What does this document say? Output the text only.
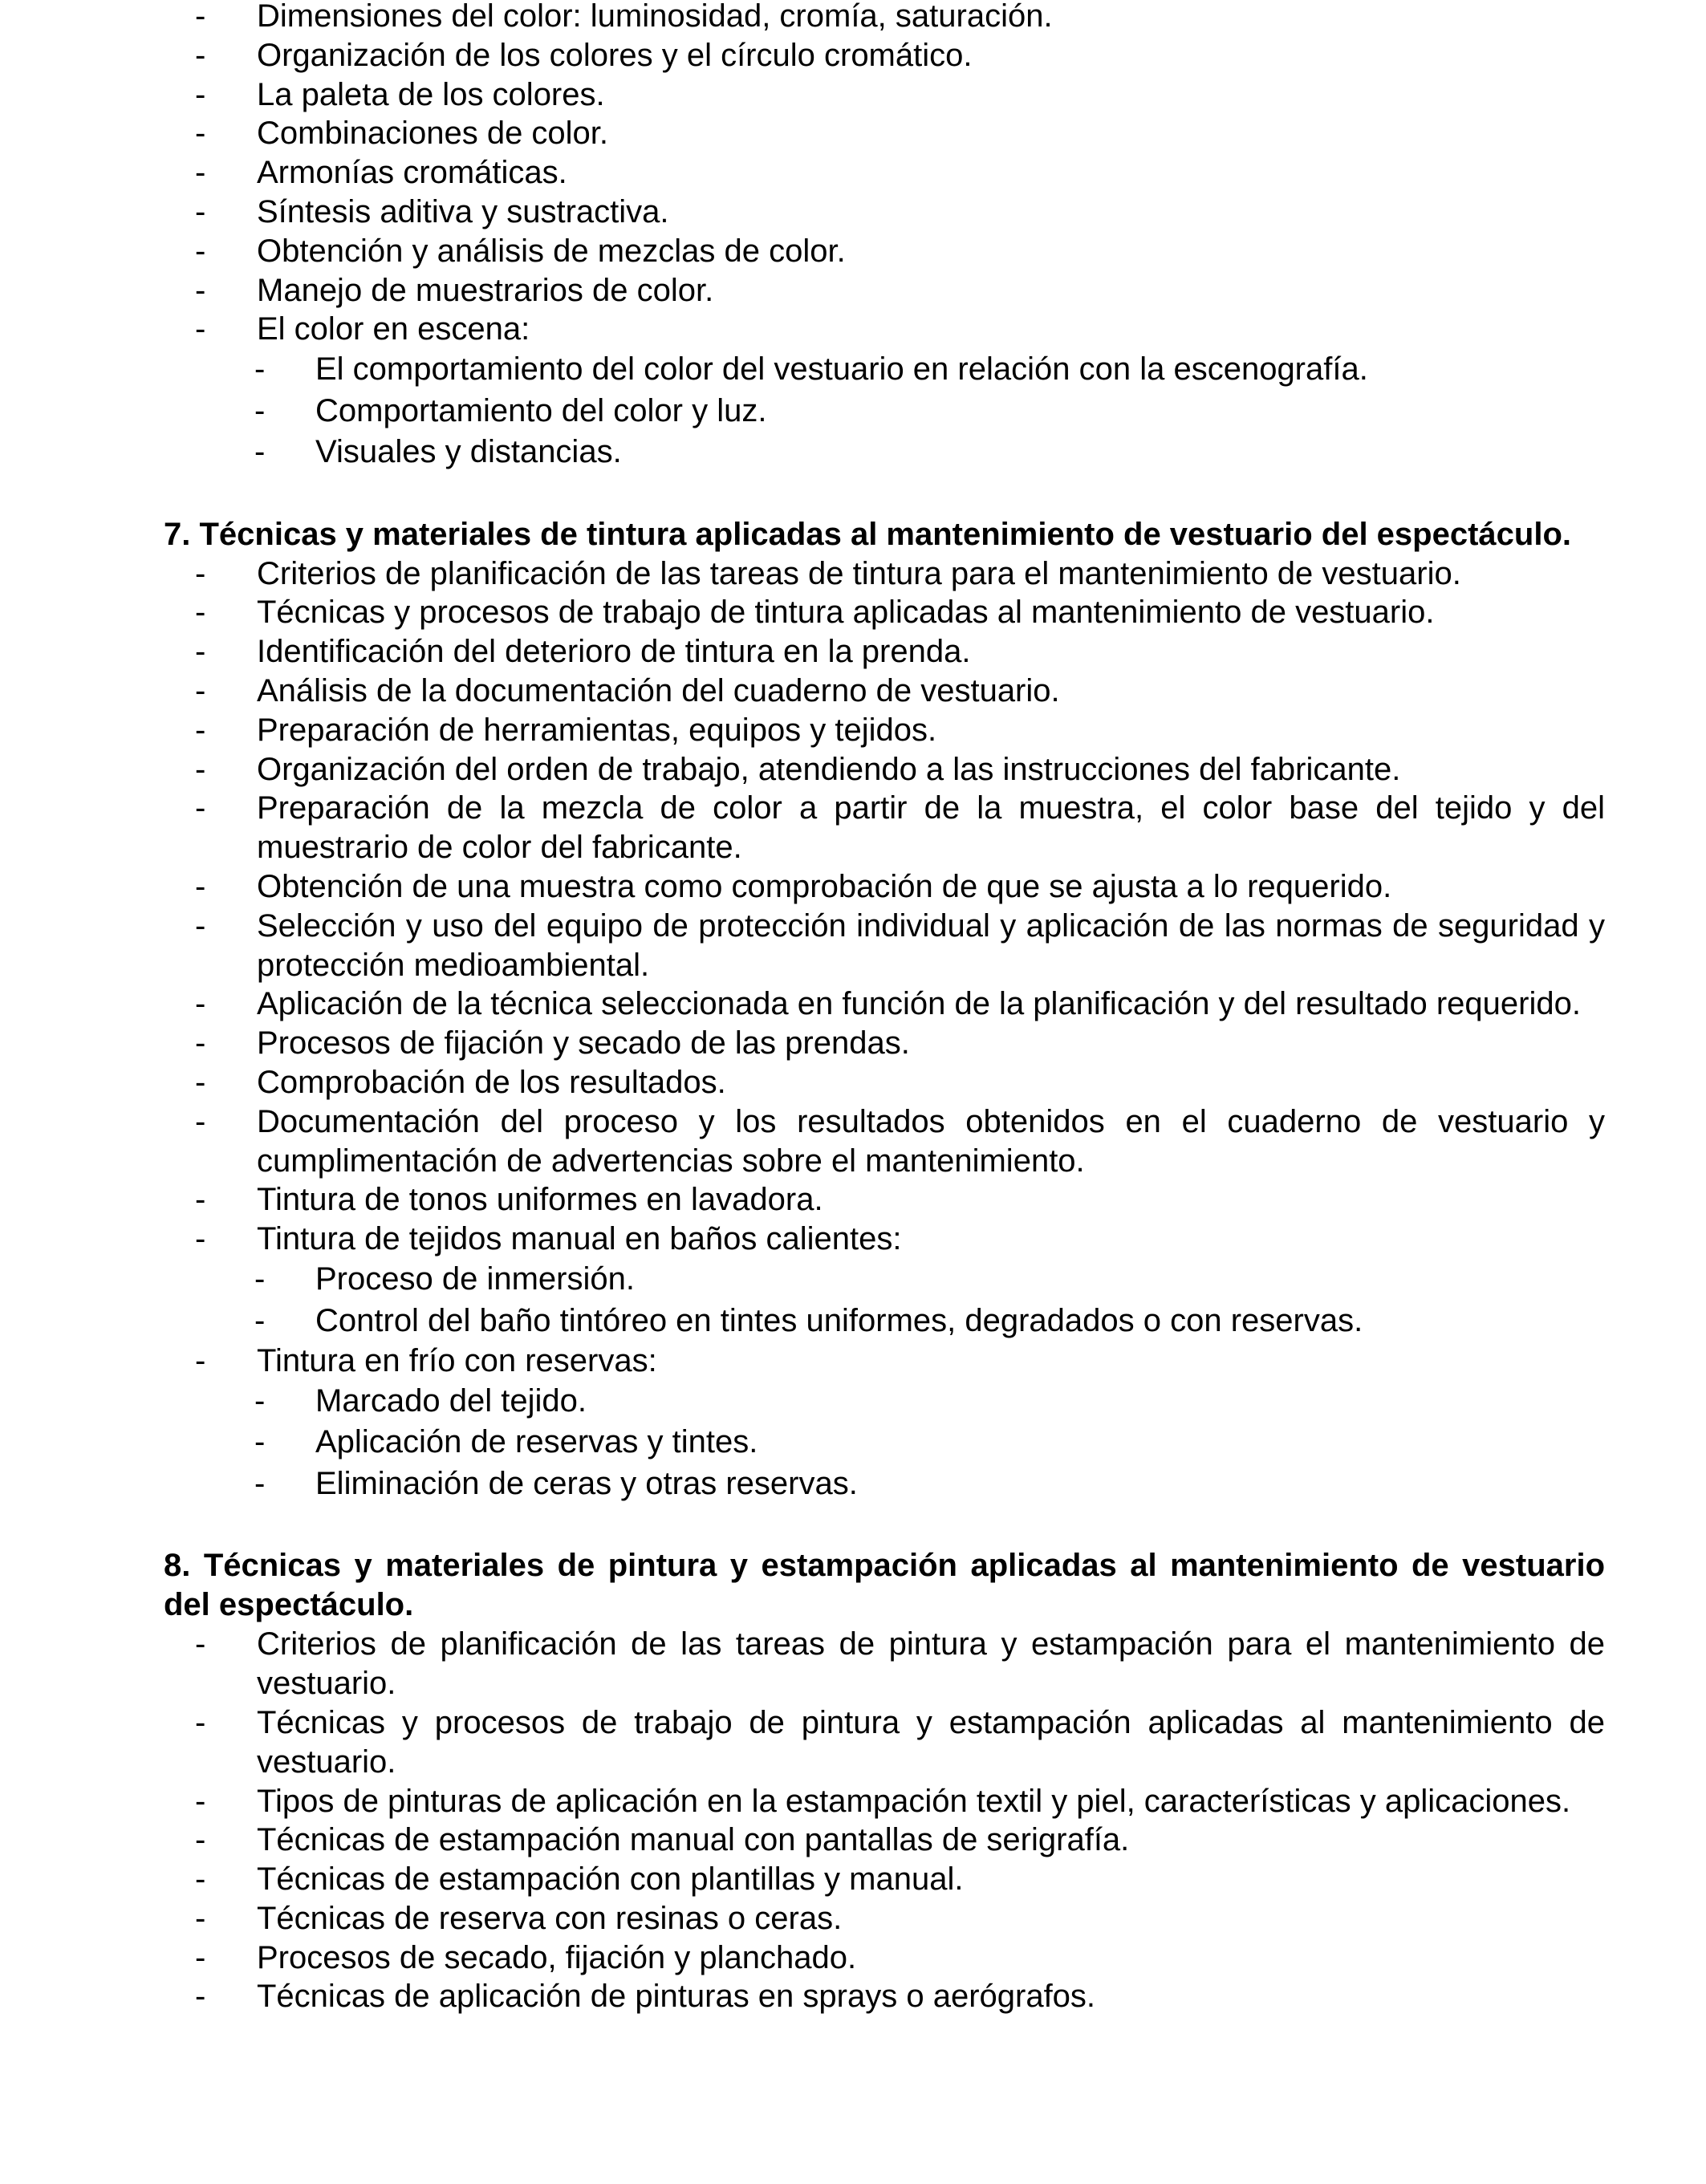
- Dimensiones del color: luminosidad, cromía, saturación.
- Organización de los colores y el círculo cromático.
- La paleta de los colores.
- Combinaciones de color.
- Armonías cromáticas.
- Síntesis aditiva y sustractiva.
- Obtención y análisis de mezclas de color.
- Manejo de muestrarios de color.
- El color en escena:
- El comportamiento del color del vestuario en relación con la escenografía.
- Comportamiento del color y luz.
- Visuales y distancias.
7. Técnicas y materiales de tintura aplicadas al mantenimiento de vestuario del espectáculo.
- Criterios de planificación de las tareas de tintura para el mantenimiento de vestuario.
- Técnicas y procesos de trabajo de tintura aplicadas al mantenimiento de vestuario.
- Identificación del deterioro de tintura en la prenda.
- Análisis de la documentación del cuaderno de vestuario.
- Preparación de herramientas, equipos y tejidos.
- Organización del orden de trabajo, atendiendo a las instrucciones del fabricante.
- Preparación de la mezcla de color a partir de la muestra, el color base del tejido y del muestrario de color del fabricante.
- Obtención de una muestra como comprobación de que se ajusta a lo requerido.
- Selección y uso del equipo de protección individual y aplicación de las normas de seguridad y protección medioambiental.
- Aplicación de la técnica seleccionada en función de la planificación y del resultado requerido.
- Procesos de fijación y secado de las prendas.
- Comprobación de los resultados.
- Documentación del proceso y los resultados obtenidos en el cuaderno de vestuario y cumplimentación de advertencias sobre el mantenimiento.
- Tintura de tonos uniformes en lavadora.
- Tintura de tejidos manual en baños calientes:
- Proceso de inmersión.
- Control del baño tintóreo en tintes uniformes, degradados o con reservas.
- Tintura en frío con reservas:
- Marcado del tejido.
- Aplicación de reservas y tintes.
- Eliminación de ceras y otras reservas.
8. Técnicas y materiales de pintura y estampación aplicadas al mantenimiento de vestuario del espectáculo.
- Criterios de planificación de las tareas de pintura y estampación para el mantenimiento de vestuario.
- Técnicas y procesos de trabajo de pintura y estampación aplicadas al mantenimiento de vestuario.
- Tipos de pinturas de aplicación en la estampación textil y piel, características y aplicaciones.
- Técnicas de estampación manual con pantallas de serigrafía.
- Técnicas de estampación con plantillas y manual.
- Técnicas de reserva con resinas o ceras.
- Procesos de secado, fijación y planchado.
- Técnicas de aplicación de pinturas en sprays o aerógrafos.
